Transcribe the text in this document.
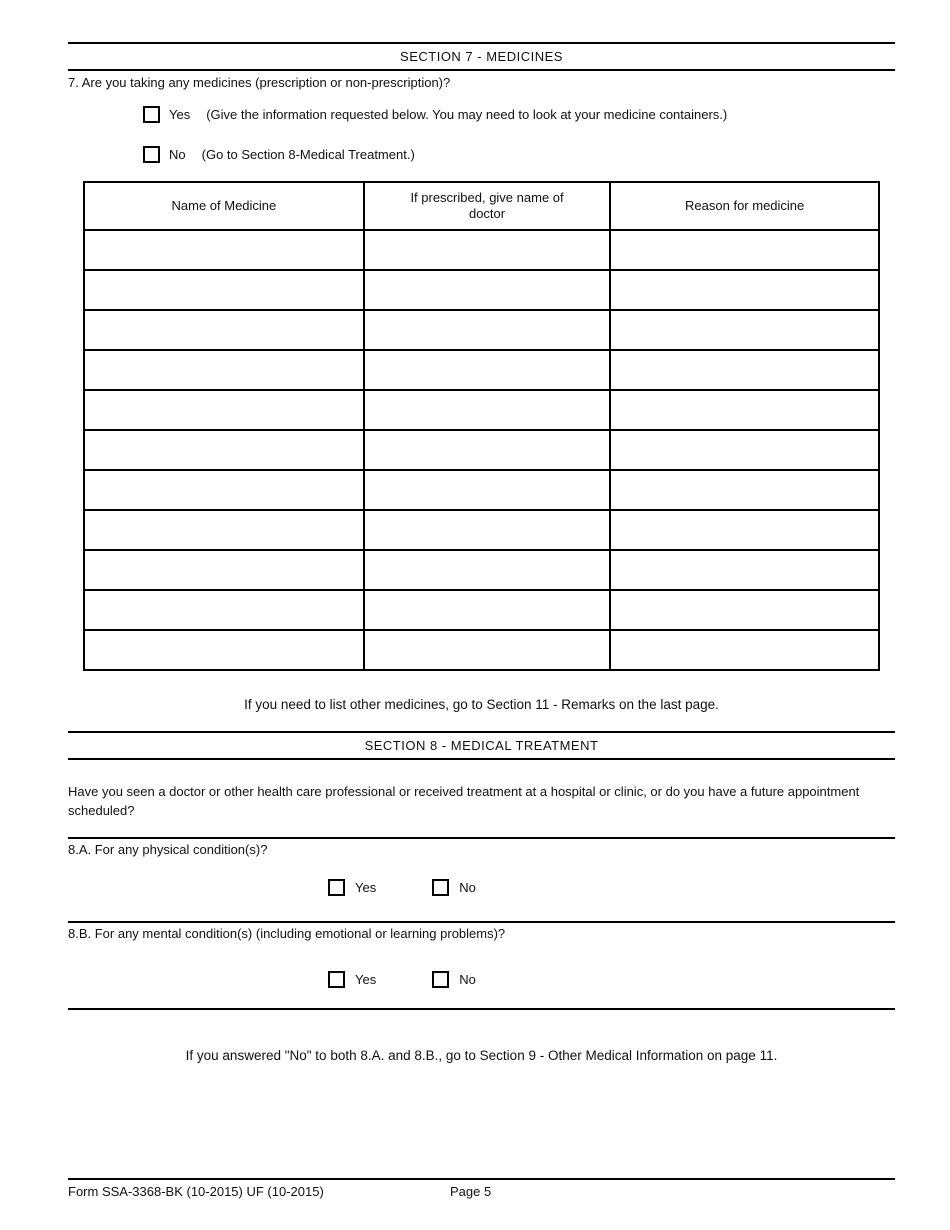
SECTION 7 - MEDICINES
7. Are you taking any medicines (prescription or non-prescription)?
Yes (Give the information requested below. You may need to look at your medicine containers.)
No (Go to Section 8-Medical Treatment.)
Name of Medicine	If prescribed, give name of doctor	Reason for medicine

If you need to list other medicines, go to Section 11 - Remarks on the last page.
SECTION 8 - MEDICAL TREATMENT
Have you seen a doctor or other health care professional or received treatment at a hospital or clinic, or do you have a future appointment scheduled?
8.A. For any physical condition(s)?
Yes	No
8.B. For any mental condition(s) (including emotional or learning problems)?
Yes	No
If you answered "No" to both 8.A. and 8.B., go to Section 9 - Other Medical Information on page 11.
Form SSA-3368-BK (10-2015) UF (10-2015)	Page 5
